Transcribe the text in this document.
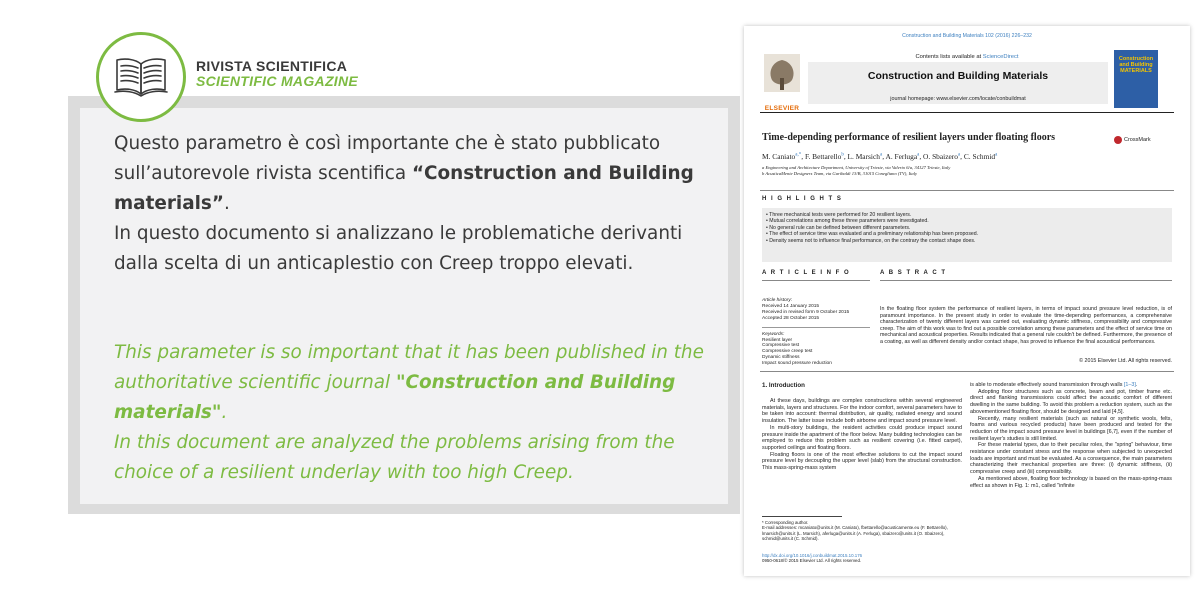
RIVISTA SCIENTIFICA
SCIENTIFIC MAGAZINE

Questo parametro è così importante che è stato pubblicato sull’autorevole rivista scentifica “Construction and Building materials”.

In questo documento si analizzano le problematiche derivanti dalla scelta di un anticaplestio con Creep troppo elevati.

This parameter is so important that it has been published in the authoritative scientific journal "Construction and Building materials".

In this document are analyzed the problems arising from the choice of a resilient underlay with too high Creep.

Construction and Building Materials 102 (2016) 226–232
Contents lists available at ScienceDirect
Construction and Building Materials
journal homepage: www.elsevier.com/locate/conbuildmat
ELSEVIER
Construction and Building MATERIALS
Time-depending performance of resilient layers under floating floors	CrossMark
M. Caniato$^{a,*}$, F. Bettarello$^b$, L. Marsich$^a$, A. Ferluga$^a$, O. Sbaizero$^a$, C. Schmid$^a$
a Engineering and Architecture Department, University of Trieste, via Valerio 6/a, 34127 Trieste, Italy
b AcusticaMente Designers Team, via Garibaldi 13/B, 31015 Conegliano (TV), Italy
H I G H L I G H T S
• Three mechanical tests were performed for 20 resilient layers.
• Mutual correlations among these three parameters were investigated.
• No general rule can be defined between different parameters.
• The effect of service time was evaluated and a preliminary relationship has been proposed.
• Density seems not to influence final performance, on the contrary the contact shape does.
A R T I C L E I N F O	A B S T R A C T
Article history:
Received 14 January 2015
Received in revised form 9 October 2015
Accepted 28 October 2015
Keywords:
Resilient layer
Compressive test
Compressive creep test
Dynamic stiffness
Impact sound pressure reduction
In the floating floor system the performance of resilient layers, in terms of impact sound pressure level reduction, is of paramount importance. In the present study in order to evaluate the time-depending performances, a comprehensive characterization of twenty different layers was carried out, evaluating dynamic stiffness, compressibility and compressive creep. The aim of this work was to find out a possible correlation among these parameters and the effect of service time on mechanical and acoustical properties. Results indicated that a general rule couldn't be defined. Furthermore, the presence of a coating, as well as different density and/or contact shape, has proved to influence the final acoustical performances.
© 2015 Elsevier Ltd. All rights reserved.
1. Introduction

At these days, buildings are complex constructions within several engineered materials, layers and structures. For the indoor comfort, several parameters have to be taken into account: thermal distribution, air quality, radiated energy and sound insulation. The latter issue include both airborne and impact sound pressure level.

In multi-story buildings, the resident activities could produce impact sound pressure inside the apartment of the floor below. Many building technologies can be employed to reduce this problem such as resilient covering (i.e. fitted carpet), supported ceilings and floating floors.

Floating floors is one of the most effective solutions to cut the impact sound pressure level by decoupling the upper level (slab) from the structural construction. This mass-spring-mass system

is able to moderate effectively sound transmission through walls [1–3].

Adopting floor structures such as concrete, beam and pot, timber frame etc. direct and flanking transmissions could affect the acoustic comfort of different dwelling in the same building. To avoid this problem a reduction system, such as the abovementioned floating floor, should be designed and laid [4,5].

Recently, many resilient materials (such as natural or synthetic wools, felts, foams and various recycled products) have been produced and tested for the reduction of the impact sound pressure level in buildings [6,7], even if the number of resilient layer's studies is still limited.

For these material types, due to their peculiar roles, the "spring" behaviour, time resistance under constant stress and the response when subjected to unexpected loads are important and must be evaluated. As a consequence, the main parameters characterizing their mechanical properties are three: (i) dynamic stiffness, (ii) compressive creep and (iii) compressibility.

As mentioned above, floating floor technology is based on the mass-spring-mass effect as shown in Fig. 1: m1, called "infinite

* Corresponding author.
E-mail addresses: mcaniato@units.it (M. Caniato), fbettarello@acusticamente.eu (F. Bettarello), lmarsich@units.it (L. Marsich), aferluga@units.it (A. Ferluga), sbaizero@units.it (O. Sbaizero), schmid@units.it (C. Schmid).
http://dx.doi.org/10.1016/j.conbuildmat.2015.10.176
0950-0618/© 2015 Elsevier Ltd. All rights reserved.
